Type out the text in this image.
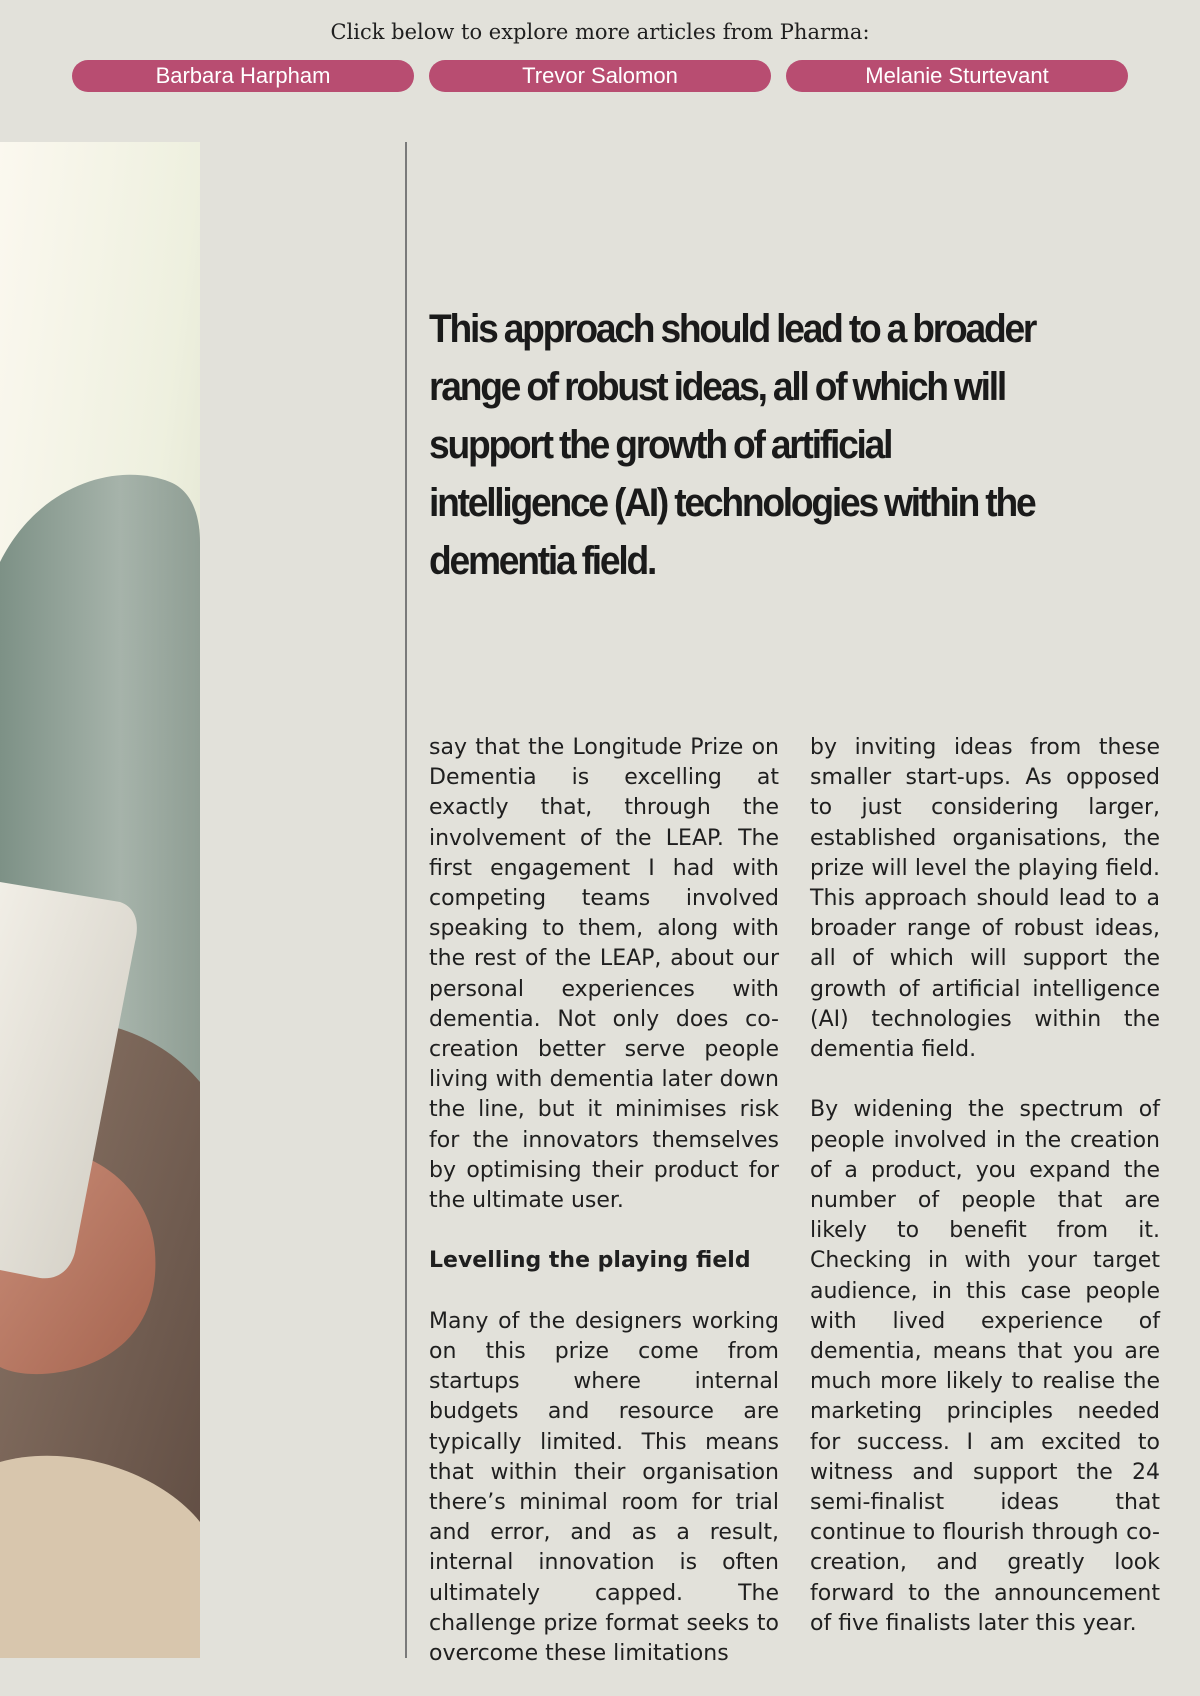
Click below to explore more articles from Pharma:
Barbara Harpham	Trevor Salomon	Melanie Sturtevant

This approach should lead to a broader range of robust ideas, all of which will support the growth of artificial intelligence (AI) technologies within the dementia field.

say that the Longitude Prize on Dementia is excelling at exactly that, through the involvement of the LEAP. The first engagement I had with competing teams involved speaking to them, along with the rest of the LEAP, about our personal experiences with dementia. Not only does co-creation better serve people living with dementia later down the line, but it minimises risk for the innovators themselves by optimising their product for the ultimate user.

Levelling the playing field

Many of the designers working on this prize come from startups where internal budgets and resource are typically limited. This means that within their organisation there’s minimal room for trial and error, and as a result, internal innovation is often ultimately capped. The challenge prize format seeks to overcome these limitations

by inviting ideas from these smaller start-ups. As opposed to just considering larger, established organisations, the prize will level the playing field. This approach should lead to a broader range of robust ideas, all of which will support the growth of artificial intelligence (AI) technologies within the dementia field.

By widening the spectrum of people involved in the creation of a product, you expand the number of people that are likely to benefit from it. Checking in with your target audience, in this case people with lived experience of dementia, means that you are much more likely to realise the marketing principles needed for success. I am excited to witness and support the 24 semi-finalist ideas that continue to flourish through co-creation, and greatly look forward to the announcement of five finalists later this year.
